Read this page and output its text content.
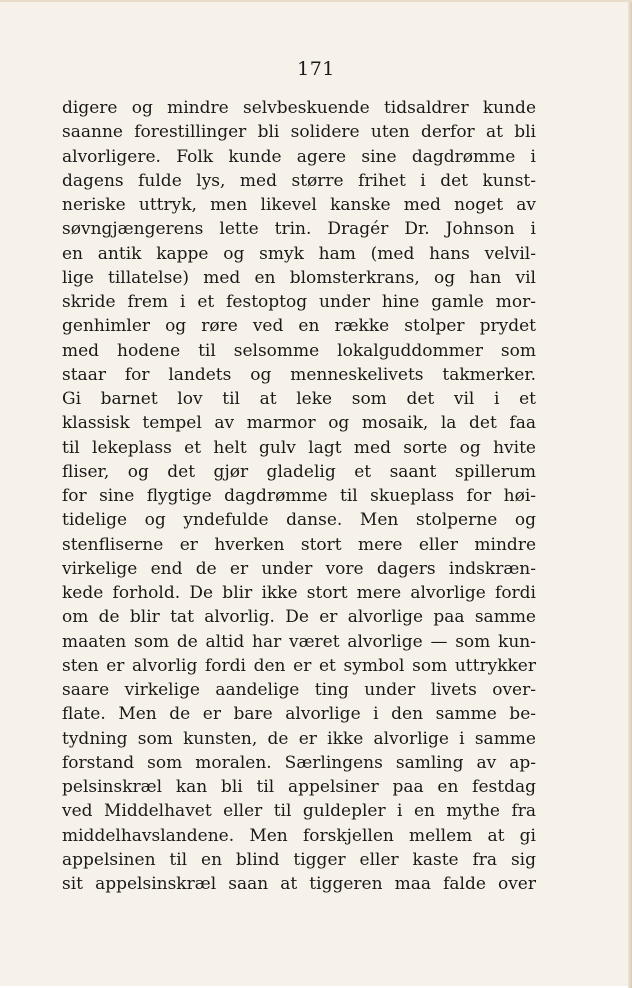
171
digere og mindre selvbeskuende tidsaldrer kunde
saanne forestillinger bli solidere uten derfor at bli
alvorligere. Folk kunde agere sine dagdrømme i
dagens fulde lys, med større frihet i det kunst-
neriske uttryk, men likevel kanske med noget av
søvngjængerens lette trin. Dragér Dr. Johnson i
en antik kappe og smyk ham (med hans velvil-
lige tillatelse) med en blomsterkrans, og han vil
skride frem i et festoptog under hine gamle mor-
genhimler og røre ved en række stolper prydet
med hodene til selsomme lokalguddommer som
staar for landets og menneskelivets takmerker.
Gi barnet lov til at leke som det vil i et
klassisk tempel av marmor og mosaik, la det faa
til lekeplass et helt gulv lagt med sorte og hvite
fliser, og det gjør gladelig et saant spillerum
for sine flygtige dagdrømme til skueplass for høi-
tidelige og yndefulde danse. Men stolperne og
stenfliserne er hverken stort mere eller mindre
virkelige end de er under vore dagers indskræn-
kede forhold. De blir ikke stort mere alvorlige fordi
om de blir tat alvorlig. De er alvorlige paa samme
maaten som de altid har været alvorlige — som kun-
sten er alvorlig fordi den er et symbol som uttrykker
saare virkelige aandelige ting under livets over-
flate. Men de er bare alvorlige i den samme be-
tydning som kunsten, de er ikke alvorlige i samme
forstand som moralen. Særlingens samling av ap-
pelsinskræl kan bli til appelsiner paa en festdag
ved Middelhavet eller til guldepler i en mythe fra
middelhavslandene. Men forskjellen mellem at gi
appelsinen til en blind tigger eller kaste fra sig
sit appelsinskræl saan at tiggeren maa falde over
